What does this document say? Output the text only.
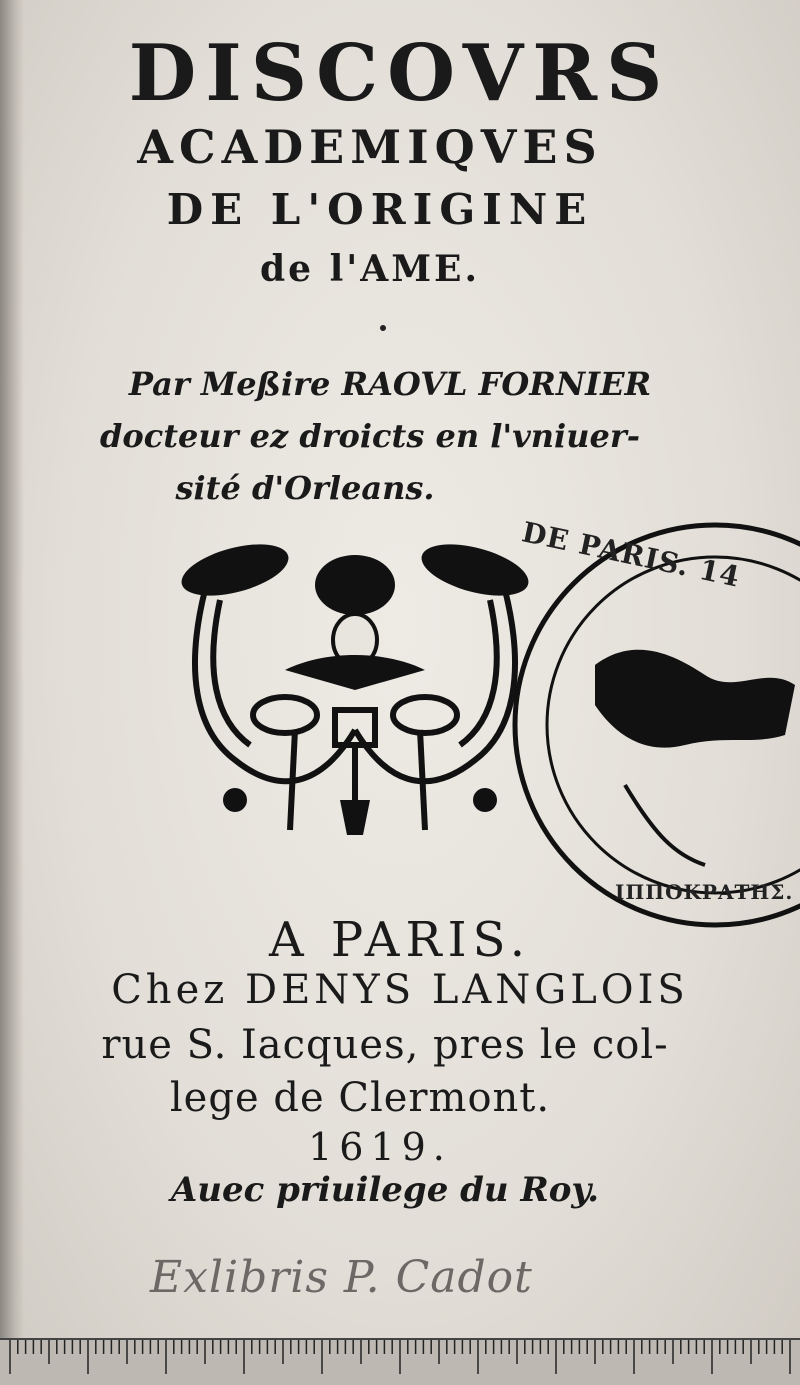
DISCOVRS
ACADEMIQVES
DE L'ORIGINE
de l'AME.
Par Meßire RAOVL FORNIER
docteur ez droicts en l'vniuer-
sité d'Orleans.
DE PARIS. 14
ΙΠΠΟΚΡΑΤΗΣ.
A PARIS.
Chez DENYS LANGLOIS
rue S. Iacques, pres le col-
lege de Clermont.
1619.
Auec priuilege du Roy.
Exlibris P. Cadot
